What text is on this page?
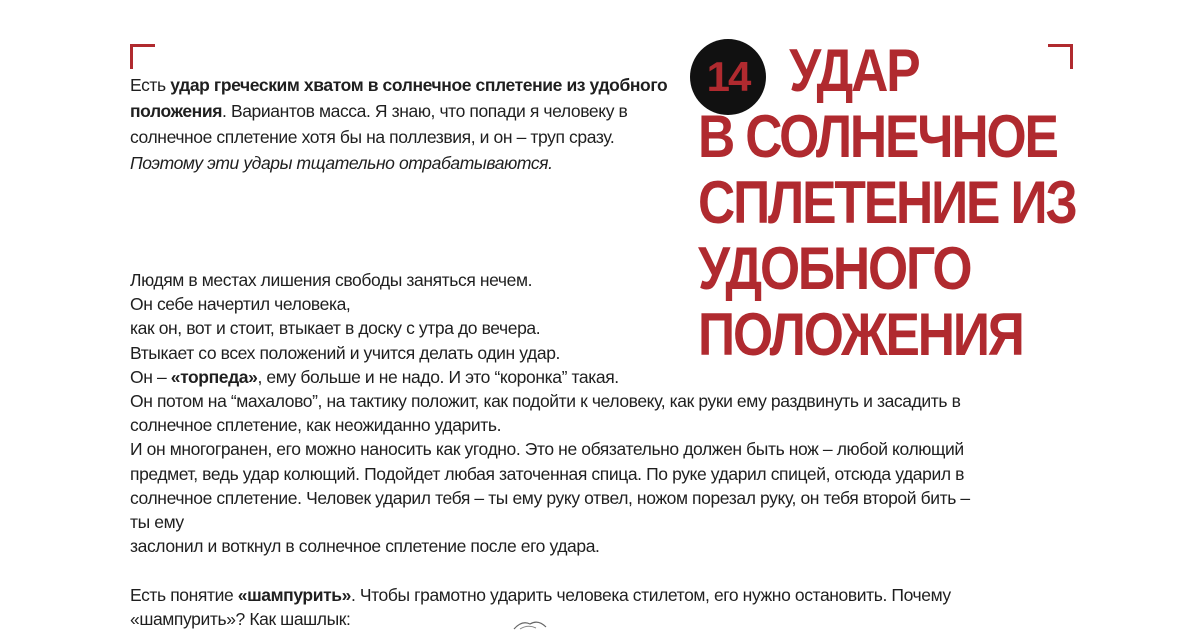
Есть удар греческим хватом в солнечное сплетение из удобного положения. Вариантов масса. Я знаю, что попади я человеку в солнечное сплетение хотя бы на поллезвия, и он – труп сразу. Поэтому эти удары тщательно отрабатываются.

14 УДАР
В СОЛНЕЧНОЕ
СПЛЕТЕНИЕ ИЗ
УДОБНОГО
ПОЛОЖЕНИЯ
Людям в местах лишения свободы заняться нечем.
Он себе начертил человека,
как он, вот и стоит, втыкает в доску с утра до вечера.
Втыкает со всех положений и учится делать один удар.
Он – «торпеда», ему больше и не надо. И это “коронка” такая.
Он потом на “махалово”, на тактику положит, как подойти к человеку, как руки ему раздвинуть и засадить в
солнечное сплетение, как неожиданно ударить.
И он многогранен, его можно наносить как угодно. Это не обязательно должен быть нож – любой колющий
предмет, ведь удар колющий. Подойдет любая заточенная спица. По руке ударил спицей, отсюда ударил в
солнечное сплетение. Человек ударил тебя – ты ему руку отвел, ножом порезал руку, он тебя второй бить –
ты ему
заслонил и воткнул в солнечное сплетение после его удара.
Есть понятие «шампурить». Чтобы грамотно ударить человека стилетом, его нужно остановить. Почему
«шампурить»? Как шашлык:
